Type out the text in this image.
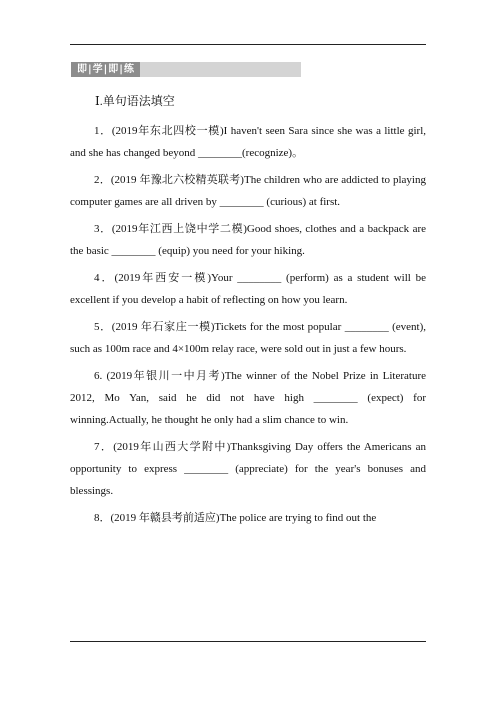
即|学|即|练
Ⅰ.单句语法填空

1．(2019年东北四校一模)I haven't seen Sara since she was a little girl, and she has changed beyond ________(recognize)。

2．(2019 年豫北六校精英联考)The children who are addicted to playing computer games are all driven by ________ (curious) at first.

3．(2019年江西上饶中学二模)Good shoes, clothes and a backpack are the basic ________ (equip) you need for your hiking.

4．(2019年西安一模)Your ________ (perform) as a student will be excellent if you develop a habit of reflecting on how you learn.

5．(2019 年石家庄一模)Tickets for the most popular ________ (event), such as 100m race and 4×100m relay race, were sold out in just a few hours.

6. (2019年银川一中月考)The winner of the Nobel Prize in Literature 2012, Mo Yan, said he did not have high ________ (expect) for winning.Actually, he thought he only had a slim chance to win.

7．(2019年山西大学附中)Thanksgiving Day offers the Americans an opportunity to express ________ (appreciate) for the year's bonuses and blessings.

8．(2019 年赣县考前适应)The police are trying to find out the
